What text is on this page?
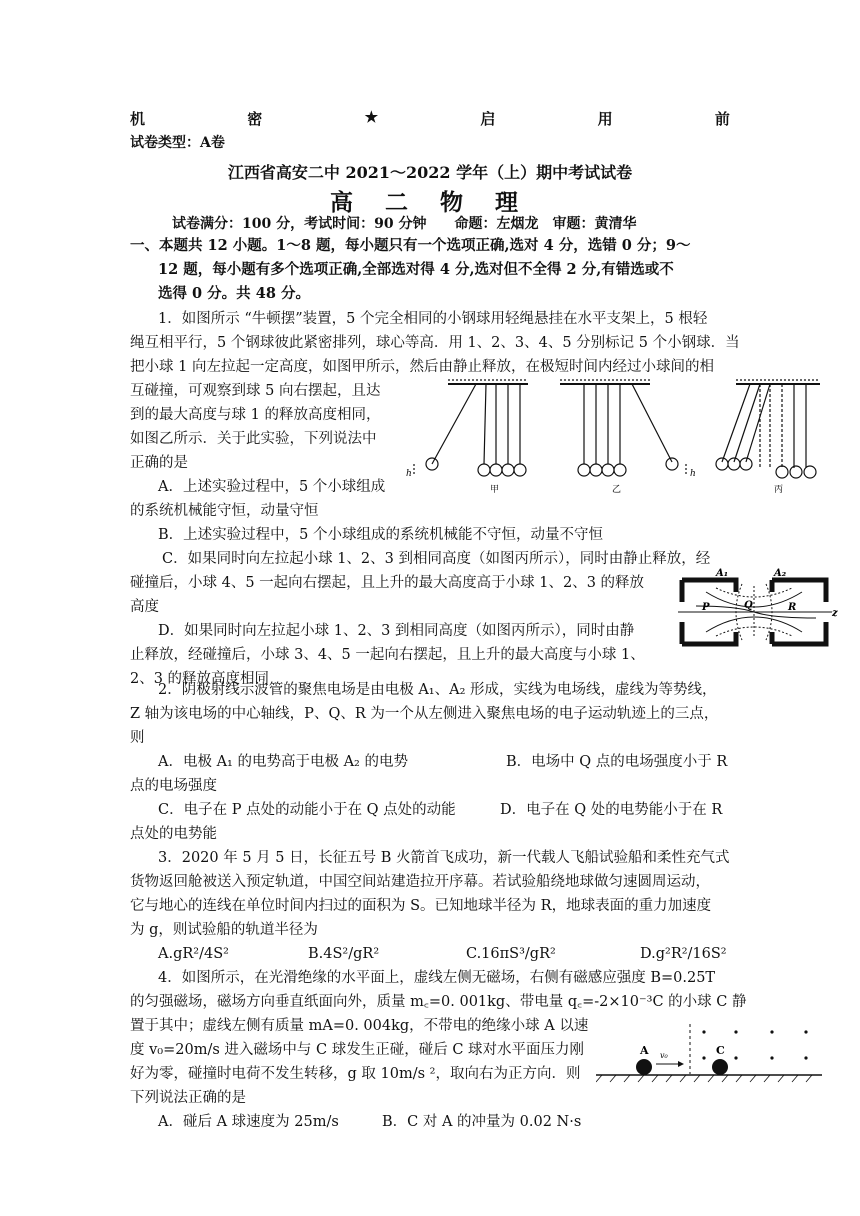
机	密	★	启	用	前
试卷类型：A卷
江西省高安二中 2021～2022 学年（上）期中考试试卷
高 二 物 理
试卷满分：100 分，考试时间：90 分钟　　命题：左烟龙　审题：黄清华
一、本题共 12 小题。1～8 题，每小题只有一个选项正确,选对 4 分，选错 0 分；9～
12 题，每小题有多个选项正确,全部选对得 4 分,选对但不全得 2 分,有错选或不
选得 0 分。共 48 分。
1．如图所示 “牛顿摆”装置，5 个完全相同的小钢球用轻绳悬挂在水平支架上，5 根轻
绳互相平行，5 个钢球彼此紧密排列，球心等高．用 1、2、3、4、5 分别标记 5 个小钢球．当
把小球 1 向左拉起一定高度，如图甲所示，然后由静止释放，在极短时间内经过小球间的相
互碰撞，可观察到球 5 向右摆起，且达
到的最大高度与球 1 的释放高度相同，
如图乙所示．关于此实验，下列说法中
正确的是
A．上述实验过程中，5 个小球组成
的系统机械能守恒，动量守恒
B．上述实验过程中，5 个小球组成的系统机械能不守恒，动量不守恒
C．如果同时向左拉起小球 1、2、3 到相同高度（如图丙所示），同时由静止释放，经
碰撞后，小球 4、5 一起向右摆起，且上升的最大高度高于小球 1、2、3 的释放
高度
D．如果同时向左拉起小球 1、2、3 到相同高度（如图丙所示），同时由静
止释放，经碰撞后，小球 3、4、5 一起向右摆起，且上升的最大高度与小球 1、
2、3 的释放高度相同
h	h
甲	乙	丙
A₁	A₂
P	Q	R
z
2．阴极射线示波管的聚焦电场是由电极 A₁、A₂ 形成，实线为电场线，虚线为等势线，
Z 轴为该电场的中心轴线，P、Q、R 为一个从左侧进入聚焦电场的电子运动轨迹上的三点，
则
A．电极 A₁ 的电势高于电极 A₂ 的电势	B．电场中 Q 点的电场强度小于 R
点的电场强度
C．电子在 P 点处的动能小于在 Q 点处的动能	D．电子在 Q 处的电势能小于在 R
点处的电势能
3．2020 年 5 月 5 日，长征五号 B 火箭首飞成功，新一代载人飞船试验船和柔性充气式
货物返回舱被送入预定轨道，中国空间站建造拉开序幕。若试验船绕地球做匀速圆周运动，
它与地心的连线在单位时间内扫过的面积为 S。已知地球半径为 R，地球表面的重力加速度
为 g，则试验船的轨道半径为
A.gR²/4S²	B.4S²/gR²	C.16πS³/gR²	D.g²R²/16S²
4．如图所示，在光滑绝缘的水平面上，虚线左侧无磁场，右侧有磁感应强度 B=0.25T
的匀强磁场，磁场方向垂直纸面向外，质量 m꜀=0. 001kg、带电量 q꜀=-2×10⁻³C 的小球 C 静
置于其中；虚线左侧有质量 mA=0. 004kg，不带电的绝缘小球 A 以速
度 v₀=20m/s 进入磁场中与 C 球发生正碰，碰后 C 球对水平面压力刚
好为零，碰撞时电荷不发生转移，g 取 10m/s ²，取向右为正方向．则
下列说法正确的是
A．碰后 A 球速度为 25m/s	B．C 对 A 的冲量为 0.02 N·s
A	C
v₀
